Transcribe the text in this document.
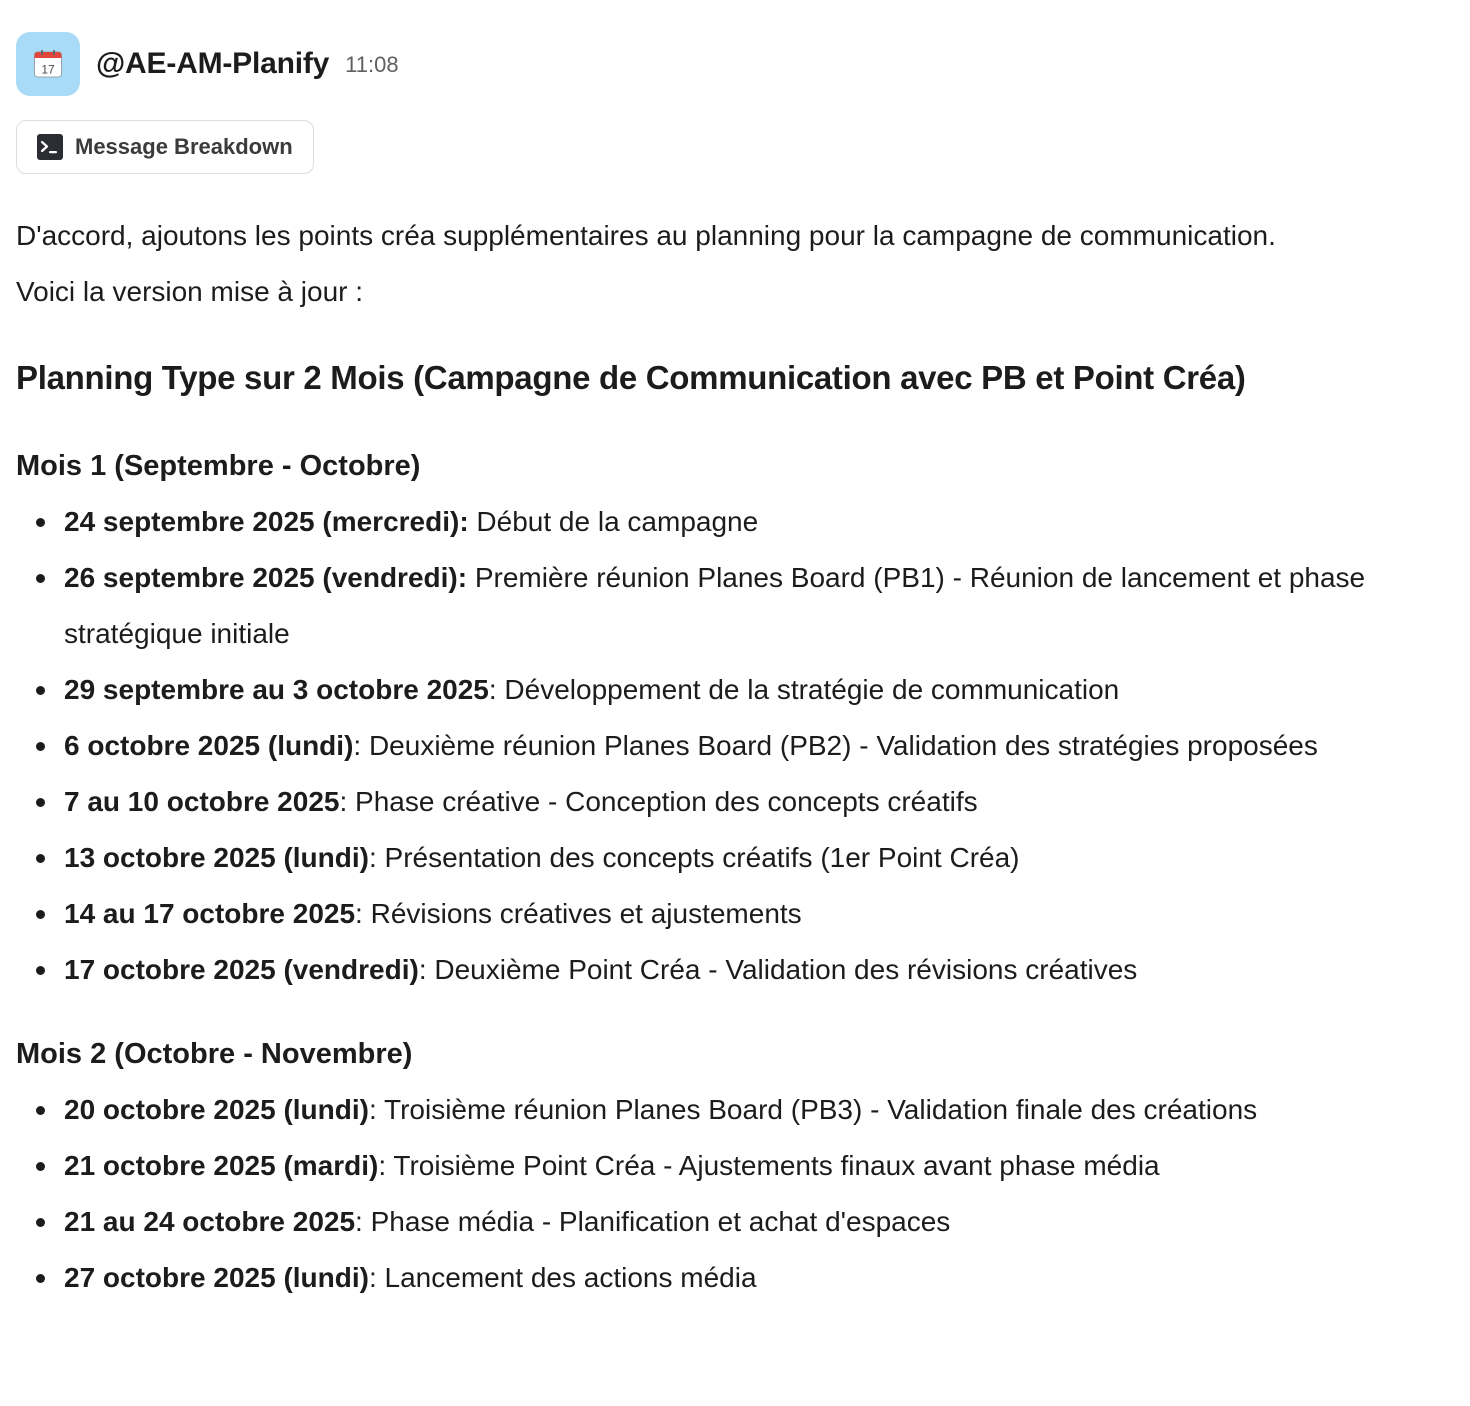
17 @AE-AM-Planify 11:08
Message Breakdown
D'accord, ajoutons les points créa supplémentaires au planning pour la campagne de communication. Voici la version mise à jour :
Planning Type sur 2 Mois (Campagne de Communication avec PB et Point Créa)
Mois 1 (Septembre - Octobre)
24 septembre 2025 (mercredi): Début de la campagne
26 septembre 2025 (vendredi): Première réunion Planes Board (PB1) - Réunion de lancement et phase stratégique initiale
29 septembre au 3 octobre 2025: Développement de la stratégie de communication
6 octobre 2025 (lundi): Deuxième réunion Planes Board (PB2) - Validation des stratégies proposées
7 au 10 octobre 2025: Phase créative - Conception des concepts créatifs
13 octobre 2025 (lundi): Présentation des concepts créatifs (1er Point Créa)
14 au 17 octobre 2025: Révisions créatives et ajustements
17 octobre 2025 (vendredi): Deuxième Point Créa - Validation des révisions créatives
Mois 2 (Octobre - Novembre)
20 octobre 2025 (lundi): Troisième réunion Planes Board (PB3) - Validation finale des créations
21 octobre 2025 (mardi): Troisième Point Créa - Ajustements finaux avant phase média
21 au 24 octobre 2025: Phase média - Planification et achat d'espaces
27 octobre 2025 (lundi): Lancement des actions média
